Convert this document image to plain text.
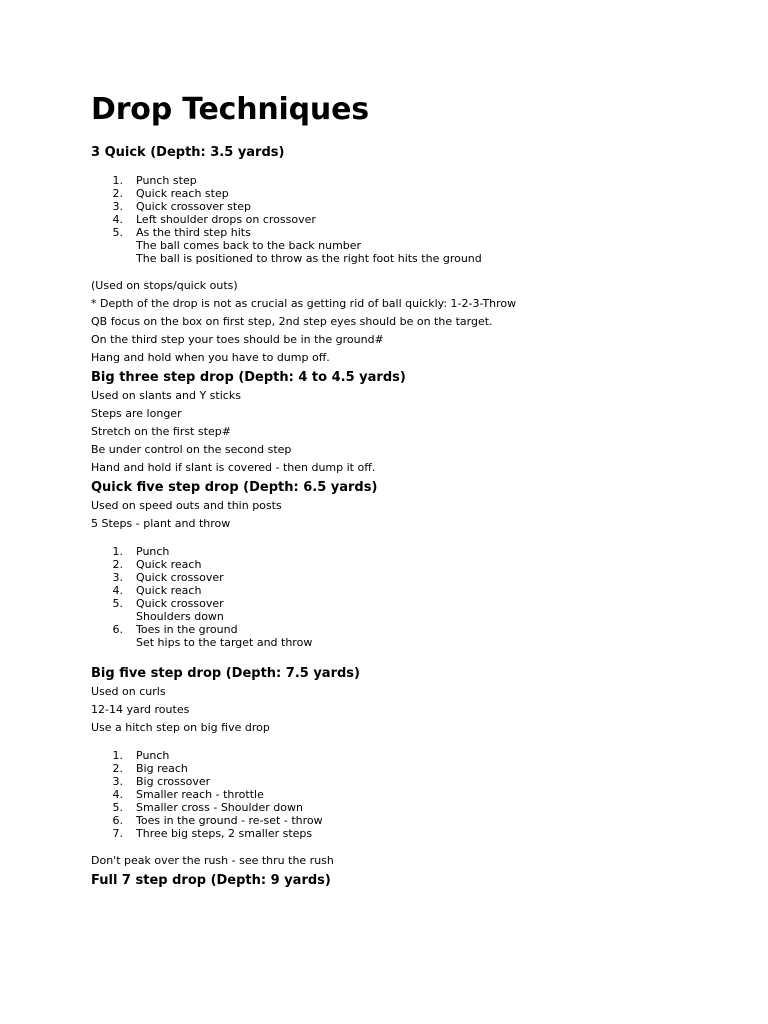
Drop Techniques
3 Quick (Depth: 3.5 yards)
1. Punch step
2. Quick reach step
3. Quick crossover step
4. Left shoulder drops on crossover
5. As the third step hits
The ball comes back to the back number
The ball is positioned to throw as the right foot hits the ground

(Used on stops/quick outs)

* Depth of the drop is not as crucial as getting rid of ball quickly: 1-2-3-Throw

QB focus on the box on first step, 2nd step eyes should be on the target.

On the third step your toes should be in the ground#

Hang and hold when you have to dump off.

Big three step drop (Depth: 4 to 4.5 yards)

Used on slants and Y sticks

Steps are longer

Stretch on the first step#

Be under control on the second step

Hand and hold if slant is covered - then dump it off.

Quick five step drop (Depth: 6.5 yards)

Used on speed outs and thin posts

5 Steps - plant and throw

1. Punch
2. Quick reach
3. Quick crossover
4. Quick reach
5. Quick crossover
Shoulders down
6. Toes in the ground
Set hips to the target and throw
Big five step drop (Depth: 7.5 yards)

Used on curls

12-14 yard routes

Use a hitch step on big five drop

1. Punch
2. Big reach
3. Big crossover
4. Smaller reach - throttle
5. Smaller cross - Shoulder down
6. Toes in the ground - re-set - throw
7. Three big steps, 2 smaller steps

Don't peak over the rush - see thru the rush

Full 7 step drop (Depth: 9 yards)
